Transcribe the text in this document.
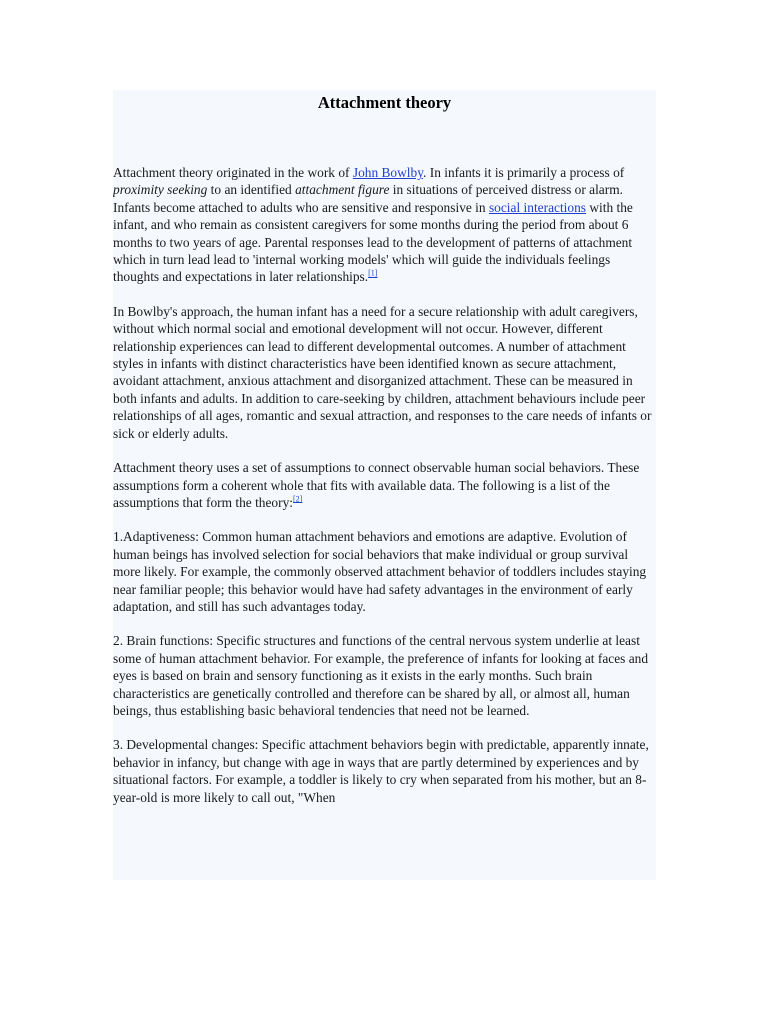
Attachment theory

Attachment theory originated in the work of John Bowlby. In infants it is primarily a process of proximity seeking to an identified attachment figure in situations of perceived distress or alarm. Infants become attached to adults who are sensitive and responsive in social interactions with the infant, and who remain as consistent caregivers for some months during the period from about 6 months to two years of age. Parental responses lead to the development of patterns of attachment which in turn lead lead to 'internal working models' which will guide the individuals feelings thoughts and expectations in later relationships.[1]

In Bowlby's approach, the human infant has a need for a secure relationship with adult caregivers, without which normal social and emotional development will not occur. However, different relationship experiences can lead to different developmental outcomes. A number of attachment styles in infants with distinct characteristics have been identified known as secure attachment, avoidant attachment, anxious attachment and disorganized attachment. These can be measured in both infants and adults. In addition to care-seeking by children, attachment behaviours include peer relationships of all ages, romantic and sexual attraction, and responses to the care needs of infants or sick or elderly adults.

Attachment theory uses a set of assumptions to connect observable human social behaviors. These assumptions form a coherent whole that fits with available data. The following is a list of the assumptions that form the theory:[2]

1.Adaptiveness: Common human attachment behaviors and emotions are adaptive. Evolution of human beings has involved selection for social behaviors that make individual or group survival more likely. For example, the commonly observed attachment behavior of toddlers includes staying near familiar people; this behavior would have had safety advantages in the environment of early adaptation, and still has such advantages today.

2. Brain functions: Specific structures and functions of the central nervous system underlie at least some of human attachment behavior. For example, the preference of infants for looking at faces and eyes is based on brain and sensory functioning as it exists in the early months. Such brain characteristics are genetically controlled and therefore can be shared by all, or almost all, human beings, thus establishing basic behavioral tendencies that need not be learned.

3. Developmental changes: Specific attachment behaviors begin with predictable, apparently innate, behavior in infancy, but change with age in ways that are partly determined by experiences and by situational factors. For example, a toddler is likely to cry when separated from his mother, but an 8-year-old is more likely to call out, "When
